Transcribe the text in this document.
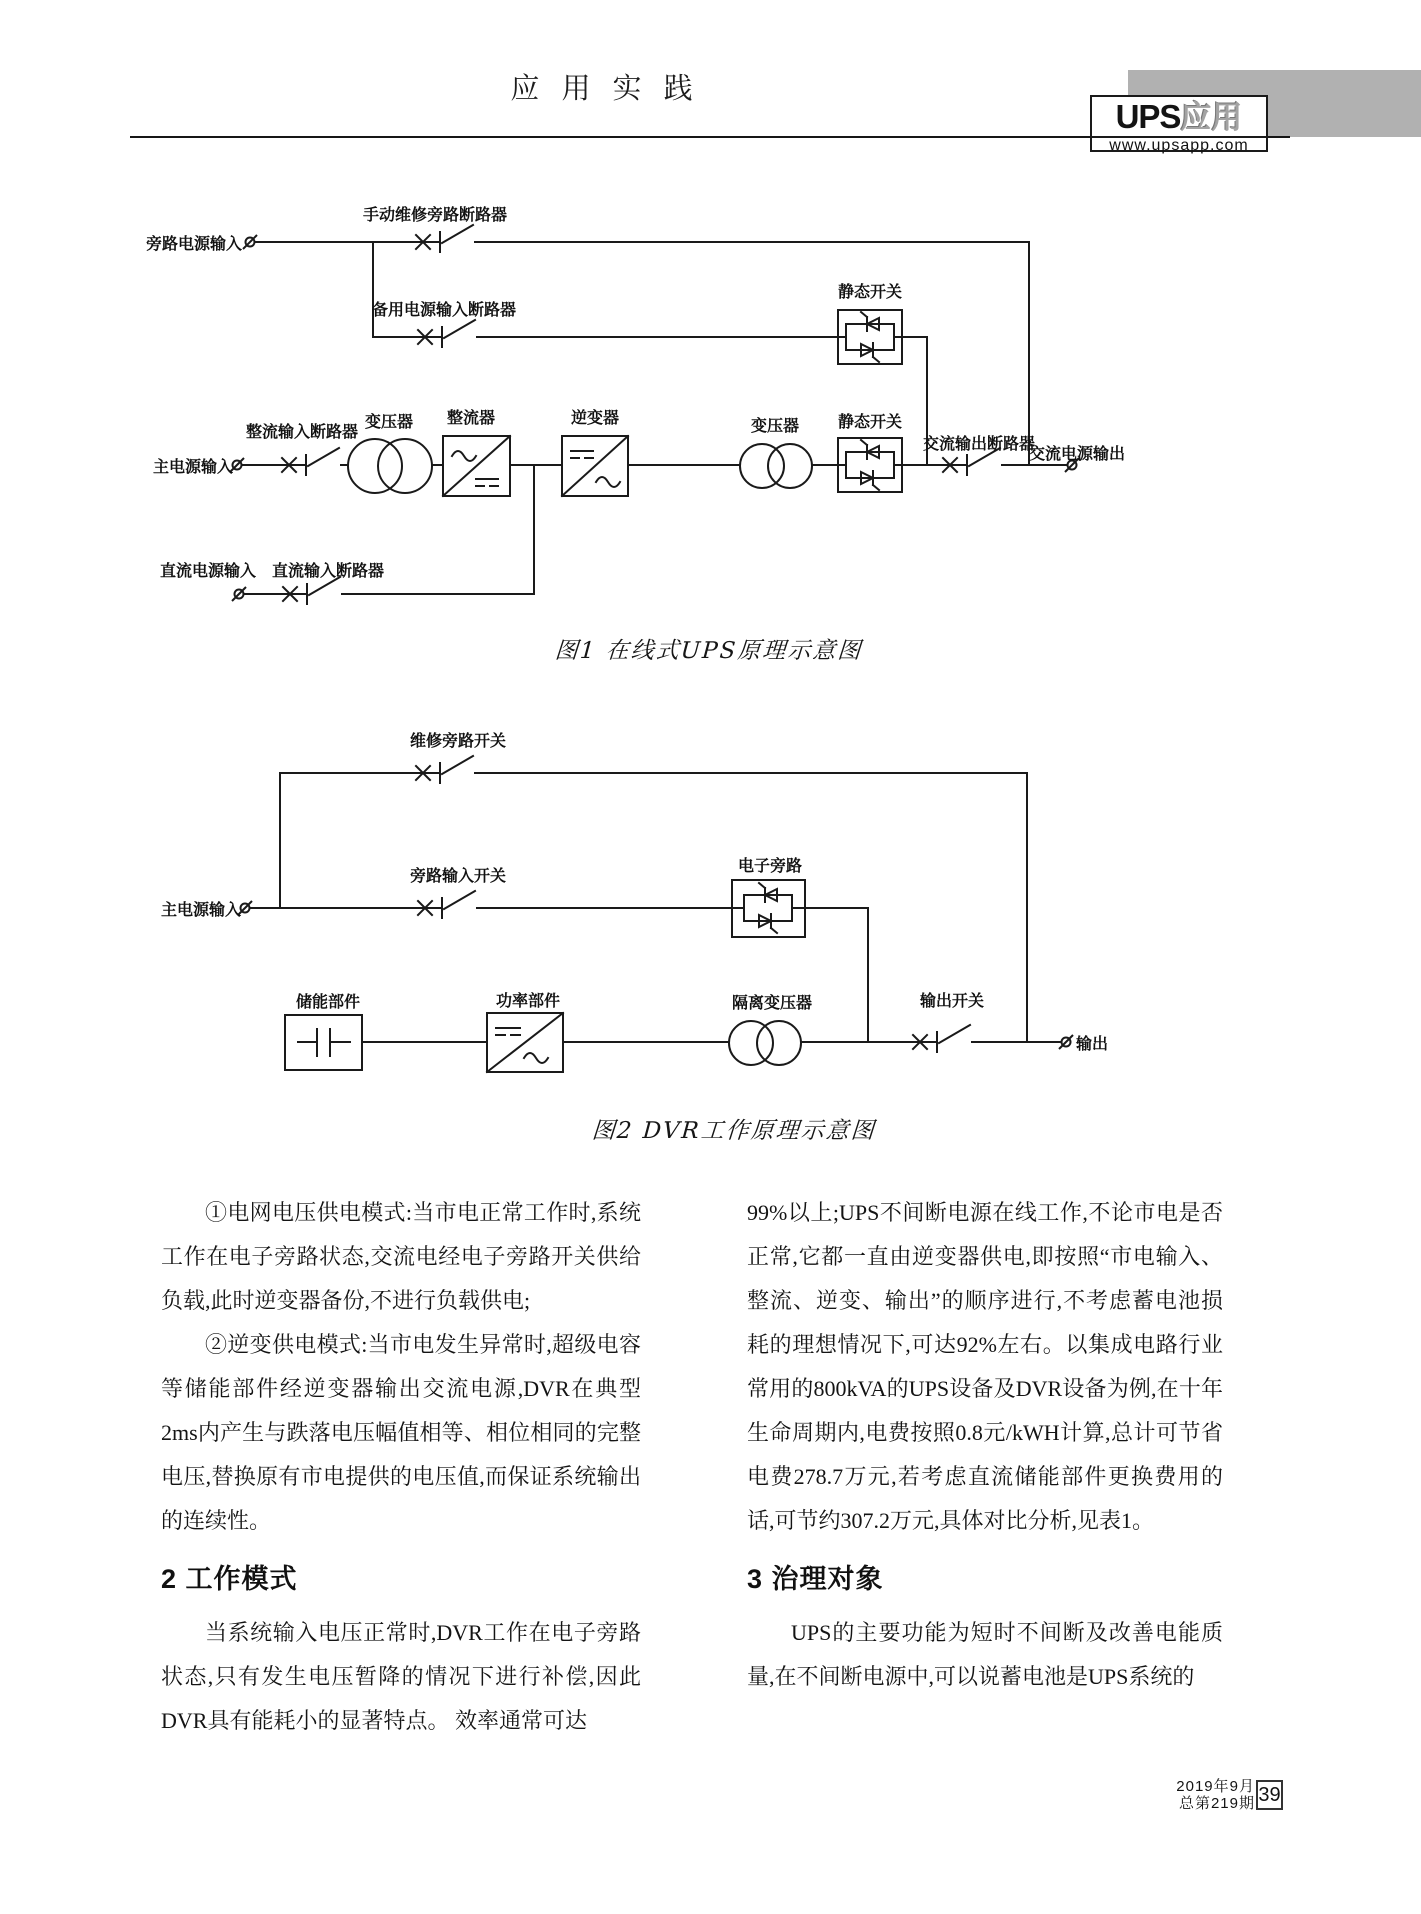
应 用 实 践
UPS应用
www.upsapp.com
旁路电源输入
手动维修旁路断路器
备用电源输入断路器
静态开关
整流输入断路器
主电源输入
变压器 整流器	逆变器	变压器 静态开关
交流输出断路器
交流电源输出
直流电源输入 直流输入断路器
图1 在线式UPS原理示意图
维修旁路开关
旁路输入开关
主电源输入
电子旁路
储能部件	功率部件	隔离变压器	输出开关
输出
图2 DVR工作原理示意图

①电网电压供电模式:当市电正常工作时,系统工作在电子旁路状态,交流电经电子旁路开关供给负载,此时逆变器备份,不进行负载供电;

②逆变供电模式:当市电发生异常时,超级电容等储能部件经逆变器输出交流电源,DVR在典型2ms内产生与跌落电压幅值相等、相位相同的完整电压,替换原有市电提供的电压值,而保证系统输出的连续性。

2 工作模式

当系统输入电压正常时,DVR工作在电子旁路状态,只有发生电压暂降的情况下进行补偿,因此DVR具有能耗小的显著特点。 效率通常可达

99%以上;UPS不间断电源在线工作,不论市电是否正常,它都一直由逆变器供电,即按照“市电输入、整流、逆变、输出”的顺序进行,不考虑蓄电池损耗的理想情况下,可达92%左右。以集成电路行业常用的800kVA的UPS设备及DVR设备为例,在十年生命周期内,电费按照0.8元/kWH计算,总计可节省电费278.7万元,若考虑直流储能部件更换费用的话,可节约307.2万元,具体对比分析,见表1。

3 治理对象

UPS的主要功能为短时不间断及改善电能质量,在不间断电源中,可以说蓄电池是UPS系统的

2019年9月
总第219期 39
